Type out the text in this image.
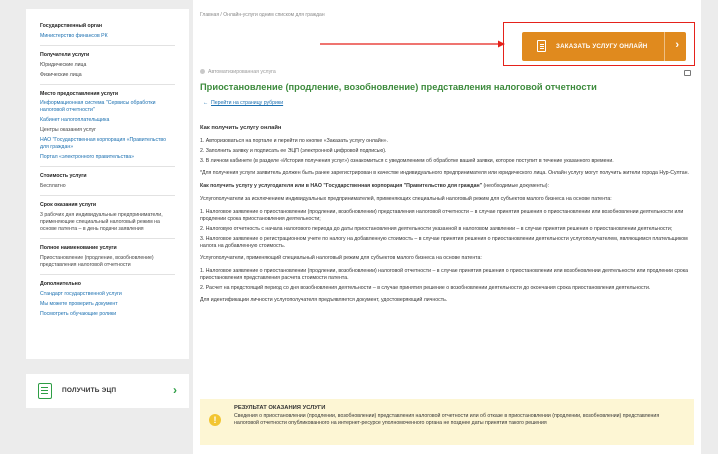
Государственный орган
Министерство финансов РК
Получатели услуги
Юридические лица
Физические лица
Место предоставления услуги
Информационная система "Сервисы обработки налоговой отчетности"
Кабинет налогоплательщика
Центры оказания услуг
НАО "Государственная корпорация «Правительство для граждан»
Портал «электронного правительства»
Стоимость услуги
Бесплатно
Срок оказания услуги
3 рабочих дня индивидуальные предприниматели, применяющие специальный налоговый режим на основе патента – в день подачи заявления
Полное наименование услуги
Приостановление (продление, возобновление) представления налоговой отчетности
Дополнительно
Стандарт государственной услуги
Мы можете проверить документ
Посмотреть обучающие ролики
ПОЛУЧИТЬ ЭЦП	›
Главная / Онлайн-услуги одним списком для граждан
ЗАКАЗАТЬ УСЛУГУ ОНЛАЙН	›
Автоматизированная услуга
Приостановление (продление, возобновление) представления налоговой отчетности
← Перейти на страницу рубрики
Как получить услугу онлайн
1. Авторизоваться на портале и перейти по кнопке «Заказать услугу онлайн».
2. Заполнить заявку и подписать ее ЭЦП (электронной цифровой подписью).
3. В личном кабинете (в разделе «История получения услуг») ознакомиться с уведомлением об обработке вашей заявки, которое поступит в течение указанного времени.
*Для получения услуги заявитель должен быть ранее зарегистрирован в качестве индивидуального предпринимателя или юридического лица. Онлайн услугу могут получить жители города Нур-Султан.
Как получить услугу у услугодателя или в НАО "Государственная корпорация "Правительство для граждан" (необходимые документы):
Услугополучатели за исключением индивидуальных предпринимателей, применяющих специальный налоговый режим для субъектов малого бизнеса на основе патента:
1. Налоговое заявление о приостановлении (продлении, возобновлении) представления налоговой отчетности – в случае принятия решения о приостановлении или возобновлении деятельности или продлении срока приостановления деятельности;
2. Налоговую отчетность с начала налогового периода до даты приостановления деятельности указанной в налоговом заявлении – в случае принятия решения о приостановлении деятельности;
3. Налоговое заявление о регистрационном учете по налогу на добавленную стоимость – в случае принятия решения о приостановлении деятельности услугополучателем, являющимся плательщиком налога на добавленную стоимость.
Услугополучатели, применяющий специальный налоговый режим для субъектов малого бизнеса на основе патента:
1. Налоговое заявление о приостановлении (продлении, возобновлении) налоговой отчетности – в случае принятия решения о приостановлении или возобновлении деятельности или продлении срока приостановления представления расчета стоимости патента.
2. Расчет на предстоящий период со дня возобновления деятельности – в случае принятия решение о возобновлении деятельности до окончания срока приостановления деятельности.
Для идентификации личности услугополучателя предъявляется документ, удостоверяющий личность.
!
РЕЗУЛЬТАТ ОКАЗАНИЯ УСЛУГИ
Сведения о приостановлении (продлении, возобновлении) представления налоговой отчетности или об отказе в приостановлении (продлении, возобновлении) представления налоговой отчетности опубликованного на интернет-ресурсе уполномоченного органа не позднее даты принятия такого решения
